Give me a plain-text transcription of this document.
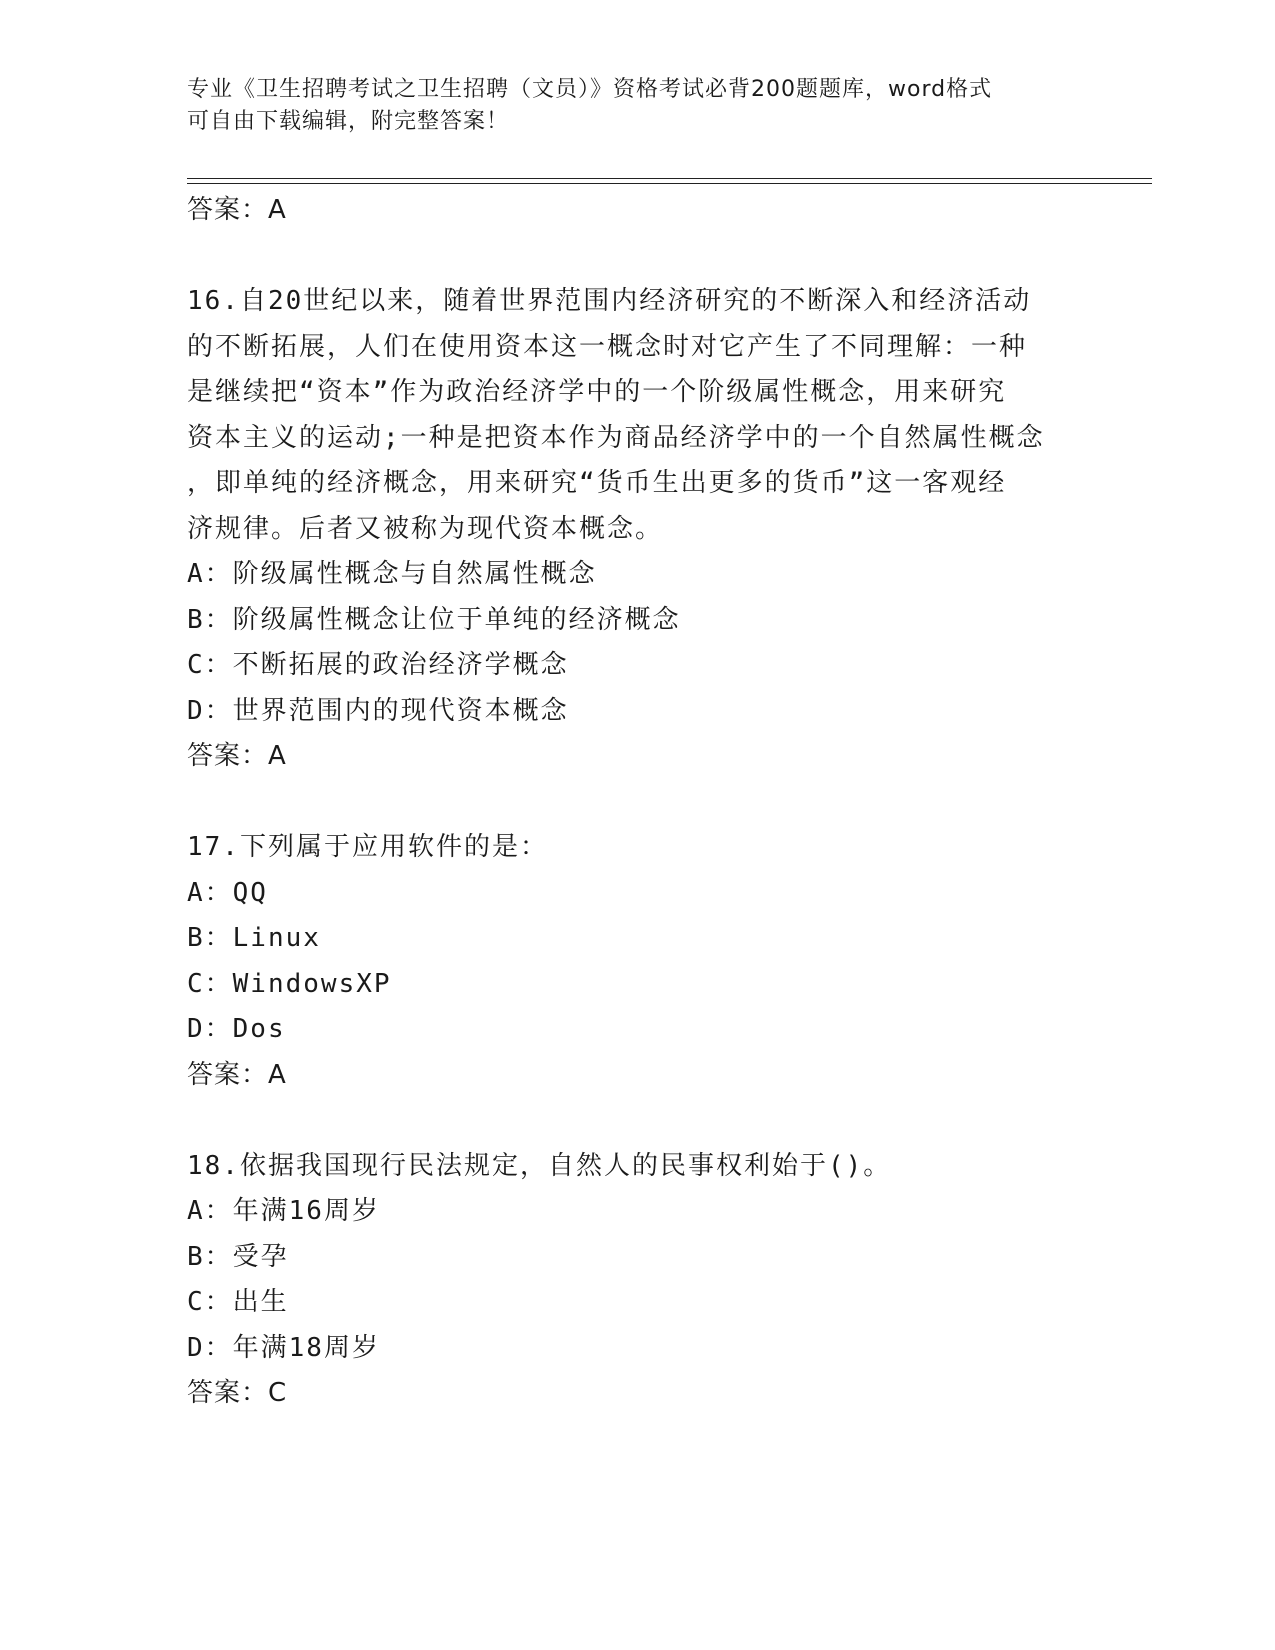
专业《卫生招聘考试之卫生招聘（文员）》资格考试必背200题题库，word格式

可自由下载编辑，附完整答案！

答案：A

16.自20世纪以来，随着世界范围内经济研究的不断深入和经济活动

的不断拓展，人们在使用资本这一概念时对它产生了不同理解：一种

是继续把“资本”作为政治经济学中的一个阶级属性概念，用来研究

资本主义的运动;一种是把资本作为商品经济学中的一个自然属性概念

，即单纯的经济概念，用来研究“货币生出更多的货币”这一客观经

济规律。后者又被称为现代资本概念。

A：阶级属性概念与自然属性概念

B：阶级属性概念让位于单纯的经济概念

C：不断拓展的政治经济学概念

D：世界范围内的现代资本概念

答案：A

17.下列属于应用软件的是：

A：QQ

B：Linux

C：WindowsXP

D：Dos

答案：A

18.依据我国现行民法规定，自然人的民事权利始于()。

A：年满16周岁

B：受孕

C：出生

D：年满18周岁

答案：C
